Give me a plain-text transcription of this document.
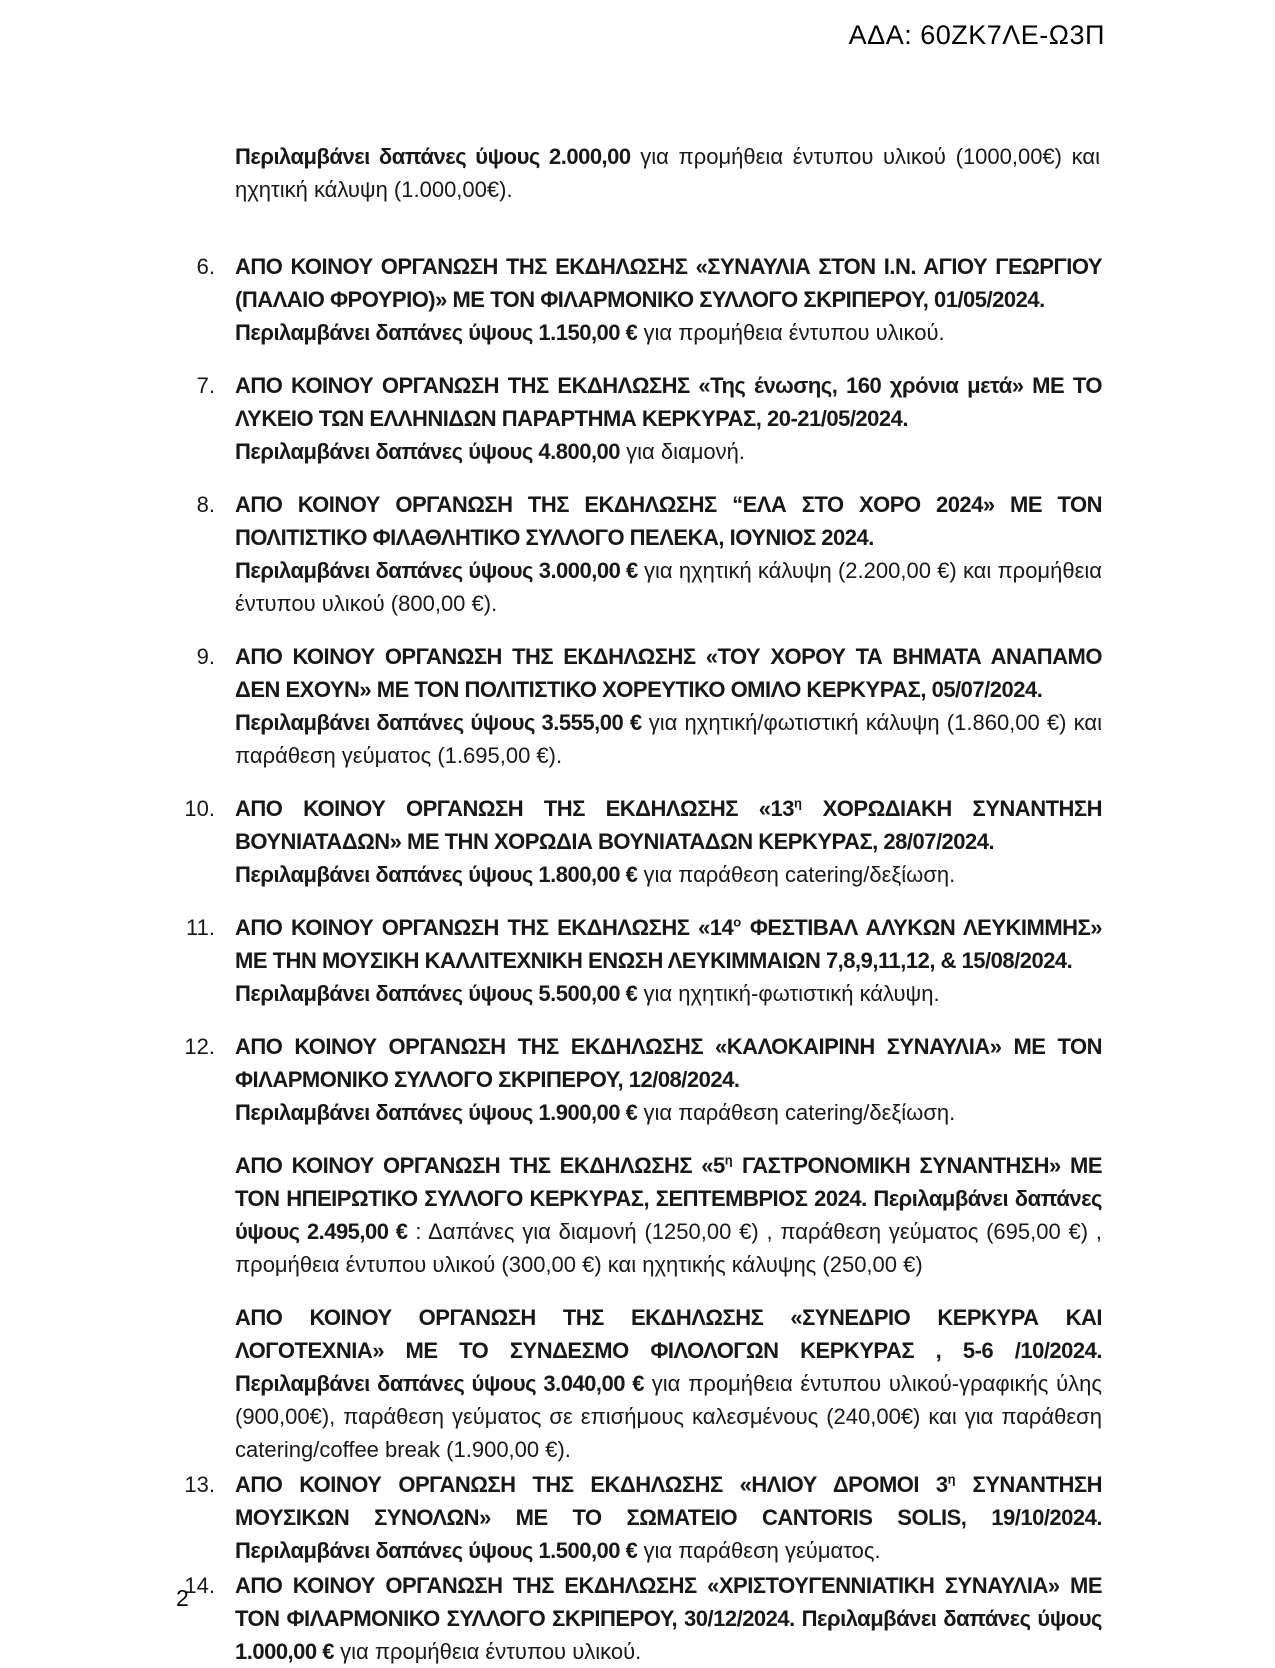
ΑΔΑ: 60ZK7ΛΕ-Ω3Π

Περιλαμβάνει δαπάνες ύψους 2.000,00 για προμήθεια έντυπου υλικού (1000,00€) και ηχητική κάλυψη (1.000,00€).

6. ΑΠΟ ΚΟΙΝΟΥ ΟΡΓΑΝΩΣΗ ΤΗΣ ΕΚΔΗΛΩΣΗΣ «ΣΥΝΑΥΛΙΑ ΣΤΟΝ Ι.Ν. ΑΓΙΟΥ ΓΕΩΡΓΙΟΥ (ΠΑΛΑΙΟ ΦΡΟΥΡΙΟ)» ΜΕ ΤΟΝ ΦΙΛΑΡΜΟΝΙΚΟ ΣΥΛΛΟΓΟ ΣΚΡΙΠΕΡΟΥ, 01/05/2024.
Περιλαμβάνει δαπάνες ύψους 1.150,00 € για προμήθεια έντυπου υλικού.
7. ΑΠΟ ΚΟΙΝΟΥ ΟΡΓΑΝΩΣΗ ΤΗΣ ΕΚΔΗΛΩΣΗΣ «Της ένωσης, 160 χρόνια μετά» ΜΕ ΤΟ ΛΥΚΕΙΟ ΤΩΝ ΕΛΛΗΝΙΔΩΝ ΠΑΡΑΡΤΗΜΑ ΚΕΡΚΥΡΑΣ, 20-21/05/2024.
Περιλαμβάνει δαπάνες ύψους 4.800,00 για διαμονή.
8. ΑΠΟ ΚΟΙΝΟΥ ΟΡΓΑΝΩΣΗ ΤΗΣ ΕΚΔΗΛΩΣΗΣ “ΕΛΑ ΣΤΟ ΧΟΡΟ 2024» ΜΕ ΤΟΝ ΠΟΛΙΤΙΣΤΙΚΟ ΦΙΛΑΘΛΗΤΙΚΟ ΣΥΛΛΟΓΟ ΠΕΛΕΚΑ, ΙΟΥΝΙΟΣ 2024.
Περιλαμβάνει δαπάνες ύψους 3.000,00 € για ηχητική κάλυψη (2.200,00 €) και προμήθεια έντυπου υλικού (800,00 €).
9. ΑΠΟ ΚΟΙΝΟΥ ΟΡΓΑΝΩΣΗ ΤΗΣ ΕΚΔΗΛΩΣΗΣ «ΤΟΥ ΧΟΡΟΥ ΤΑ ΒΗΜΑΤΑ ΑΝΑΠΑΜΟ ΔΕΝ ΕΧΟΥΝ» ΜΕ ΤΟΝ ΠΟΛΙΤΙΣΤΙΚΟ ΧΟΡΕΥΤΙΚΟ ΟΜΙΛΟ ΚΕΡΚΥΡΑΣ, 05/07/2024.
Περιλαμβάνει δαπάνες ύψους 3.555,00 € για ηχητική/φωτιστική κάλυψη (1.860,00 €) και παράθεση γεύματος (1.695,00 €).
10. ΑΠΟ ΚΟΙΝΟΥ ΟΡΓΑΝΩΣΗ ΤΗΣ ΕΚΔΗΛΩΣΗΣ «$13^\eta$ ΧΟΡΩΔΙΑΚΗ ΣΥΝΑΝΤΗΣΗ ΒΟΥΝΙΑΤΑΔΩΝ» ΜΕ ΤΗΝ ΧΟΡΩΔΙΑ ΒΟΥΝΙΑΤΑΔΩΝ ΚΕΡΚΥΡΑΣ, 28/07/2024.
Περιλαμβάνει δαπάνες ύψους 1.800,00 € για παράθεση catering/δεξίωση.
11. ΑΠΟ ΚΟΙΝΟΥ ΟΡΓΑΝΩΣΗ ΤΗΣ ΕΚΔΗΛΩΣΗΣ «$14^o$ ΦΕΣΤΙΒΑΛ ΑΛΥΚΩΝ ΛΕΥΚΙΜΜΗΣ» ΜΕ ΤΗΝ ΜΟΥΣΙΚΗ ΚΑΛΛΙΤΕΧΝΙΚΗ ΕΝΩΣΗ ΛΕΥΚΙΜΜΑΙΩΝ 7,8,9,11,12, & 15/08/2024.
Περιλαμβάνει δαπάνες ύψους 5.500,00 € για ηχητική-φωτιστική κάλυψη.
12. ΑΠΟ ΚΟΙΝΟΥ ΟΡΓΑΝΩΣΗ ΤΗΣ ΕΚΔΗΛΩΣΗΣ «ΚΑΛΟΚΑΙΡΙΝΗ ΣΥΝΑΥΛΙΑ» ΜΕ ΤΟΝ ΦΙΛΑΡΜΟΝΙΚΟ ΣΥΛΛΟΓΟ ΣΚΡΙΠΕΡΟΥ, 12/08/2024.
Περιλαμβάνει δαπάνες ύψους 1.900,00 € για παράθεση catering/δεξίωση.
ΑΠΟ ΚΟΙΝΟΥ ΟΡΓΑΝΩΣΗ ΤΗΣ ΕΚΔΗΛΩΣΗΣ «$5^\eta$ ΓΑΣΤΡΟΝΟΜΙΚΗ ΣΥΝΑΝΤΗΣΗ» ΜΕ ΤΟΝ ΗΠΕΙΡΩΤΙΚΟ ΣΥΛΛΟΓΟ ΚΕΡΚΥΡΑΣ, ΣΕΠΤΕΜΒΡΙΟΣ 2024. Περιλαμβάνει δαπάνες ύψους 2.495,00 € : Δαπάνες για διαμονή (1250,00 €) , παράθεση γεύματος (695,00 €) , προμήθεια έντυπου υλικού (300,00 €) και ηχητικής κάλυψης (250,00 €)
ΑΠΟ ΚΟΙΝΟΥ ΟΡΓΑΝΩΣΗ ΤΗΣ ΕΚΔΗΛΩΣΗΣ «ΣΥΝΕΔΡΙΟ ΚΕΡΚΥΡΑ ΚΑΙ ΛΟΓΟΤΕΧΝΙΑ» ΜΕ ΤΟ ΣΥΝΔΕΣΜΟ ΦΙΛΟΛΟΓΩΝ ΚΕΡΚΥΡΑΣ , 5-6 /10/2024. Περιλαμβάνει δαπάνες ύψους 3.040,00 € για προμήθεια έντυπου υλικού-γραφικής ύλης (900,00€), παράθεση γεύματος σε επισήμους καλεσμένους (240,00€) και για παράθεση catering/coffee break (1.900,00 €).
13. ΑΠΟ ΚΟΙΝΟΥ ΟΡΓΑΝΩΣΗ ΤΗΣ ΕΚΔΗΛΩΣΗΣ «ΗΛΙΟΥ ΔΡΟΜΟΙ $3^\eta$ ΣΥΝΑΝΤΗΣΗ ΜΟΥΣΙΚΩΝ ΣΥΝΟΛΩΝ» ΜΕ ΤΟ ΣΩΜΑΤΕΙΟ CANTORIS SOLIS, 19/10/2024. Περιλαμβάνει δαπάνες ύψους 1.500,00 € για παράθεση γεύματος.
14. ΑΠΟ ΚΟΙΝΟΥ ΟΡΓΑΝΩΣΗ ΤΗΣ ΕΚΔΗΛΩΣΗΣ «ΧΡΙΣΤΟΥΓΕΝΝΙΑΤΙΚΗ ΣΥΝΑΥΛΙΑ» ΜΕ ΤΟΝ ΦΙΛΑΡΜΟΝΙΚΟ ΣΥΛΛΟΓΟ ΣΚΡΙΠΕΡΟΥ, 30/12/2024. Περιλαμβάνει δαπάνες ύψους 1.000,00 € για προμήθεια έντυπου υλικού.
2
